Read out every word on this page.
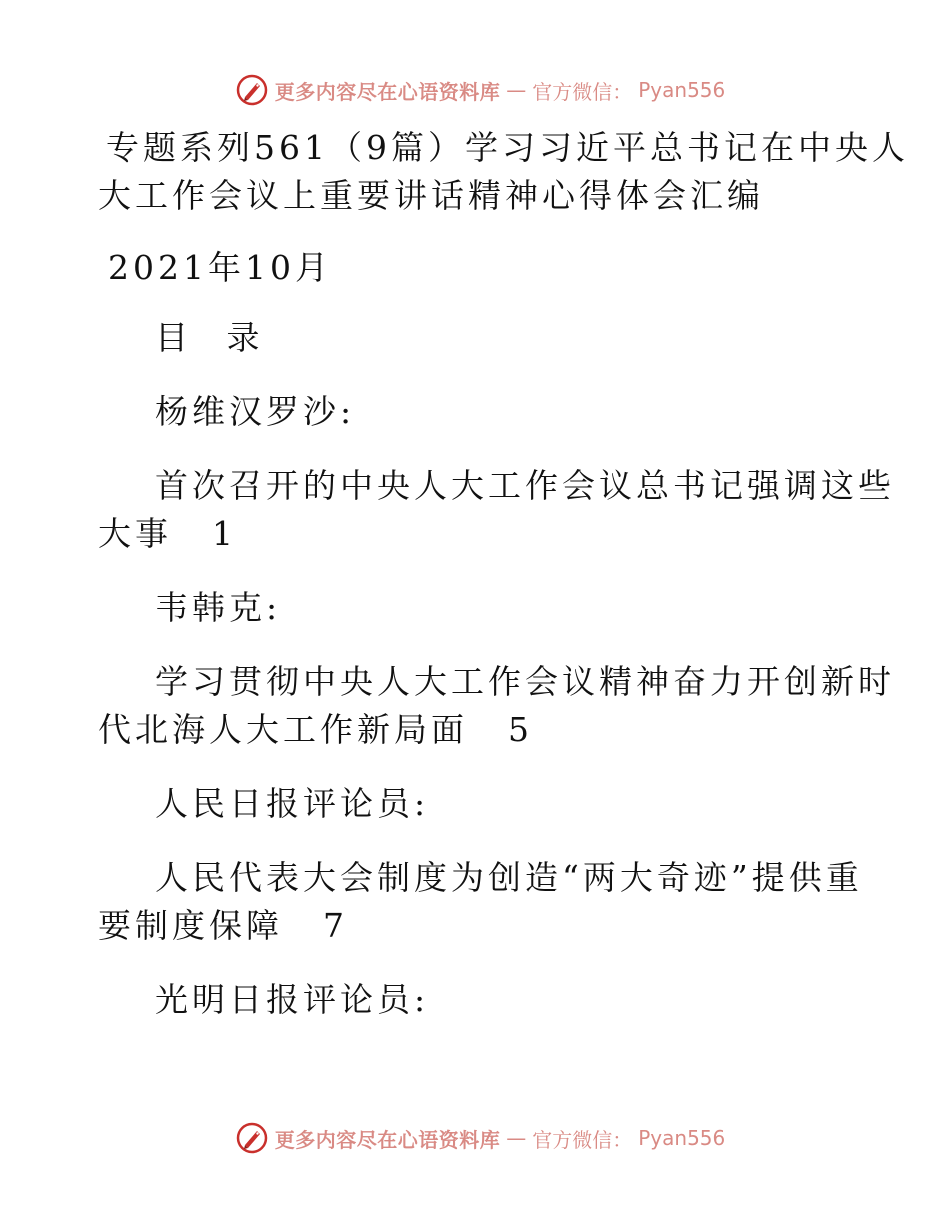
更多内容尽在心语资料库 — 官方微信： Pyan556
专题系列561（9篇）学习习近平总书记在中央人
大工作会议上重要讲话精神心得体会汇编
2021年10月
目 录
杨维汉罗沙:
首次召开的中央人大工作会议总书记强调这些
大事 1
韦韩克:
学习贯彻中央人大工作会议精神奋力开创新时
代北海人大工作新局面 5
人民日报评论员:
人民代表大会制度为创造“两大奇迹”提供重
要制度保障 7
光明日报评论员:
更多内容尽在心语资料库 — 官方微信： Pyan556
